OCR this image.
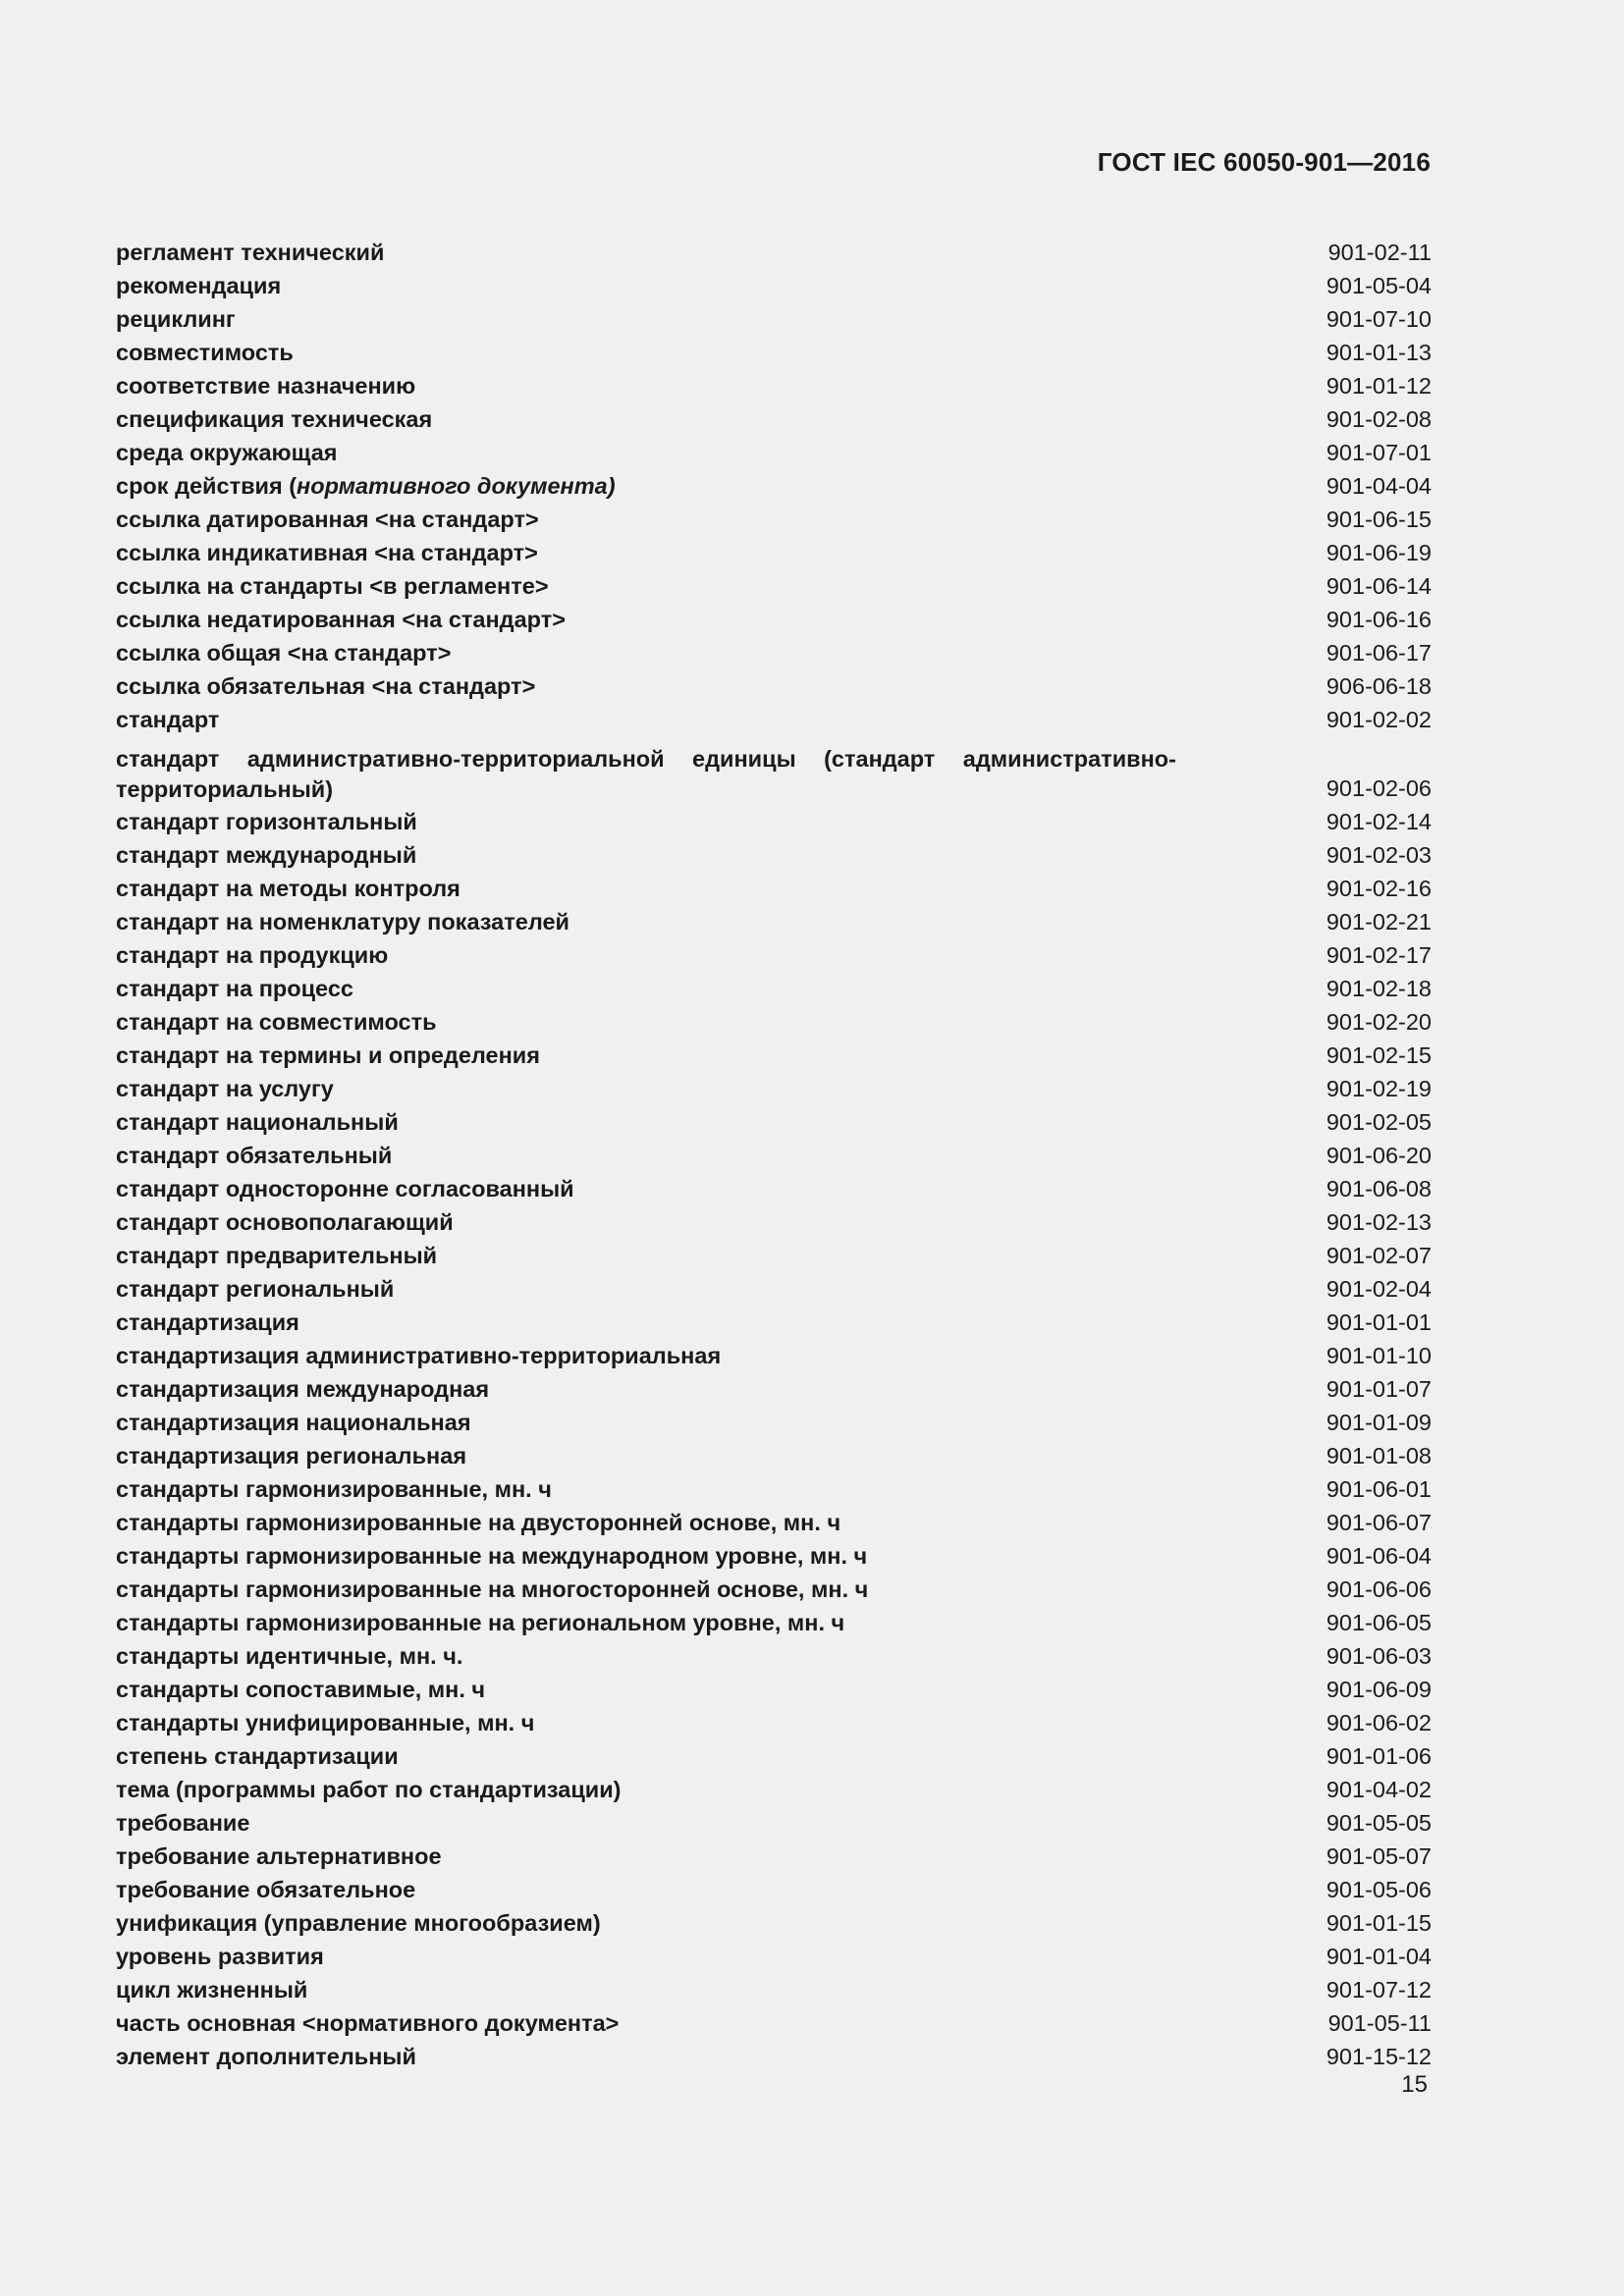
ГОСТ IEC 60050-901—2016
регламент технический	901-02-11
рекомендация	901-05-04
рециклинг	901-07-10
совместимость	901-01-13
соответствие назначению	901-01-12
спецификация техническая	901-02-08
среда окружающая	901-07-01
срок действия (нормативного документа)	901-04-04
ссылка датированная <на стандарт>	901-06-15
ссылка индикативная <на стандарт>	901-06-19
ссылка на стандарты <в регламенте>	901-06-14
ссылка недатированная <на стандарт>	901-06-16
ссылка общая <на стандарт>	901-06-17
ссылка обязательная <на стандарт>	906-06-18
стандарт	901-02-02
стандарт административно-территориальной единицы (стандарт административно-территориальный)	901-02-06
стандарт горизонтальный	901-02-14
стандарт международный	901-02-03
стандарт на методы контроля	901-02-16
стандарт на номенклатуру показателей	901-02-21
стандарт на продукцию	901-02-17
стандарт на процесс	901-02-18
стандарт на совместимость	901-02-20
стандарт на термины и определения	901-02-15
стандарт на услугу	901-02-19
стандарт национальный	901-02-05
стандарт обязательный	901-06-20
стандарт односторонне согласованный	901-06-08
стандарт основополагающий	901-02-13
стандарт предварительный	901-02-07
стандарт региональный	901-02-04
стандартизация	901-01-01
стандартизация административно-территориальная	901-01-10
стандартизация международная	901-01-07
стандартизация национальная	901-01-09
стандартизация региональная	901-01-08
стандарты гармонизированные, мн. ч	901-06-01
стандарты гармонизированные на двусторонней основе, мн. ч	901-06-07
стандарты гармонизированные на международном уровне, мн. ч	901-06-04
стандарты гармонизированные на многосторонней основе, мн. ч	901-06-06
стандарты гармонизированные на региональном уровне, мн. ч	901-06-05
стандарты идентичные, мн. ч.	901-06-03
стандарты сопоставимые, мн. ч	901-06-09
стандарты унифицированные, мн. ч	901-06-02
степень стандартизации	901-01-06
тема (программы работ по стандартизации)	901-04-02
требование	901-05-05
требование альтернативное	901-05-07
требование обязательное	901-05-06
унификация (управление многообразием)	901-01-15
уровень развития	901-01-04
цикл жизненный	901-07-12
часть основная <нормативного документа>	901-05-11
элемент дополнительный	901-15-12
15
